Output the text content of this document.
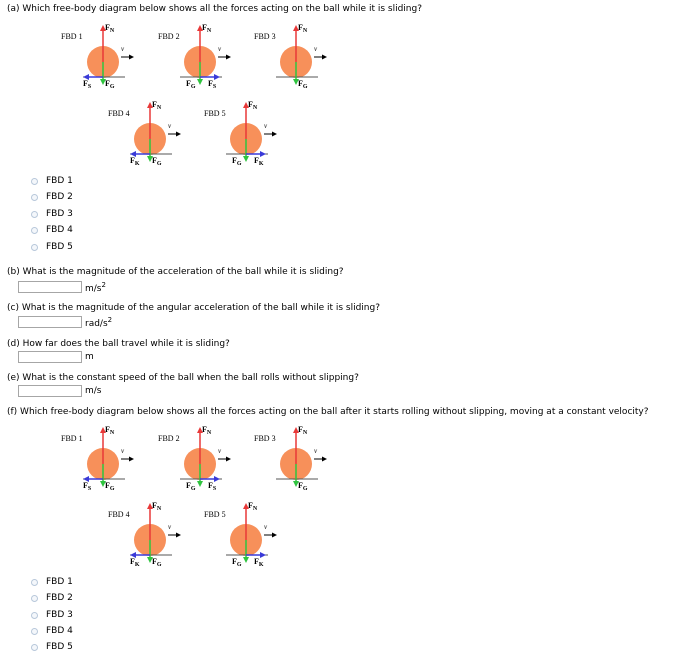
(a) Which free-body diagram below shows all the forces acting on the ball while it is sliding?
FBD 1
$F_N$
$F_S$ $F_G$
v
FBD 2
$F_N$
$F_G$ $F_S$
v
FBD 3
$F_N$
$F_G$
v
FBD 4
$F_N$
$F_K$ $F_G$
v
FBD 5
$F_N$
$F_G$ $F_K$
v
FBD 1
FBD 2
FBD 3
FBD 4
FBD 5
(b) What is the magnitude of the acceleration of the ball while it is sliding?
$m/s^2$
(c) What is the magnitude of the angular acceleration of the ball while it is sliding?
rad/$s^2$
(d) How far does the ball travel while it is sliding?
m
(e) What is the constant speed of the ball when the ball rolls without slipping?
m/s
(f) Which free-body diagram below shows all the forces acting on the ball after it starts rolling without slipping, moving at a constant velocity?
FBD 1
$F_N$
$F_S$ $F_G$
v
FBD 2
$F_N$
$F_G$ $F_S$
v
FBD 3
$F_N$
$F_G$
v
FBD 4
$F_N$
$F_K$ $F_G$
v
FBD 5
$F_N$
$F_G$ $F_K$
v
FBD 1
FBD 2
FBD 3
FBD 4
FBD 5
